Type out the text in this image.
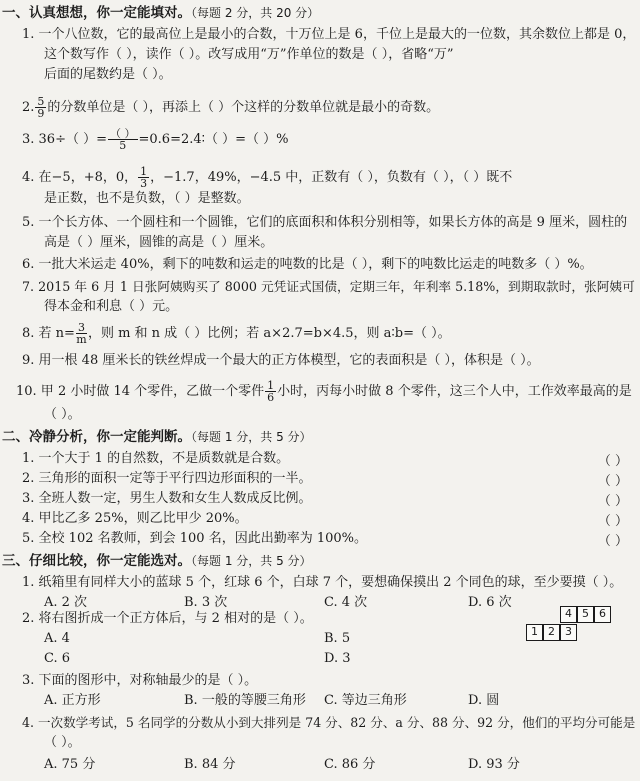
一、认真想想，你一定能填对。（每题 2 分，共 20 分）
1. 一个八位数，它的最高位上是最小的合数，十万位上是 6，千位上是最大的一位数，其余数位上都是 0，
这个数写作（ ），读作（ ）。改写成用“万”作单位的数是（ ），省略“万”
后面的尾数约是（ ）。
2. $\frac{5}{9}$ 的分数单位是（ ），再添上（ ）个这样的分数单位就是最小的奇数。
3. 36÷（ ）= $\frac{( )}{5}$ =0.6=2.4∶（ ）=（ ）%
4. 在−5，+8，0， $\frac{1}{3}$ ，−1.7，49%，−4.5 中，正数有（ ），负数有（ ），（ ）既不
是正数，也不是负数，（ ）是整数。
5. 一个长方体、一个圆柱和一个圆锥，它们的底面积和体积分别相等，如果长方体的高是 9 厘米，圆柱的
高是（ ）厘米，圆锥的高是（ ）厘米。
6. 一批大米运走 40%，剩下的吨数和运走的吨数的比是（ ），剩下的吨数比运走的吨数多（ ）%。
7. 2015 年 6 月 1 日张阿姨购买了 8000 元凭证式国债，定期三年，年利率 5.18%，到期取款时，张阿姨可
得本金和利息（ ）元。
8. 若 $n= \frac{3}{m}$ ，则 m 和 n 成（ ）比例；若 a×2.7=b×4.5，则 a∶b=（ ）。
9. 用一根 48 厘米长的铁丝焊成一个最大的正方体模型，它的表面积是（ ），体积是（ ）。
10. 甲 2 小时做 14 个零件，乙做一个零件 $\frac{1}{6}$ 小时，丙每小时做 8 个零件，这三个人中，工作效率最高的是
（ ）。
二、冷静分析，你一定能判断。（每题 1 分，共 5 分）
1. 一个大于 1 的自然数，不是质数就是合数。	（ ）
2. 三角形的面积一定等于平行四边形面积的一半。	（ ）
3. 全班人数一定，男生人数和女生人数成反比例。	（ ）
4. 甲比乙多 25%，则乙比甲少 20%。	（ ）
5. 全校 102 名教师，到会 100 名，因此出勤率为 100%。	（ ）
三、仔细比较，你一定能选对。（每题 1 分，共 5 分）
1. 纸箱里有同样大小的蓝球 5 个，红球 6 个，白球 7 个，要想确保摸出 2 个同色的球，至少要摸（ ）。
A. 2 次	B. 3 次	C. 4 次	D. 6 次
2. 将右图折成一个正方体后，与 2 相对的是（ ）。
A. 4	B. 5
C. 6	D. 3
4 5 6
1 2 3
3. 下面的图形中，对称轴最少的是（ ）。
A. 正方形	B. 一般的等腰三角形 C. 等边三角形	D. 圆
4. 一次数学考试，5 名同学的分数从小到大排列是 74 分、82 分、a 分、88 分、92 分，他们的平均分可能是
（ ）。
A. 75 分	B. 84 分	C. 86 分	D. 93 分
